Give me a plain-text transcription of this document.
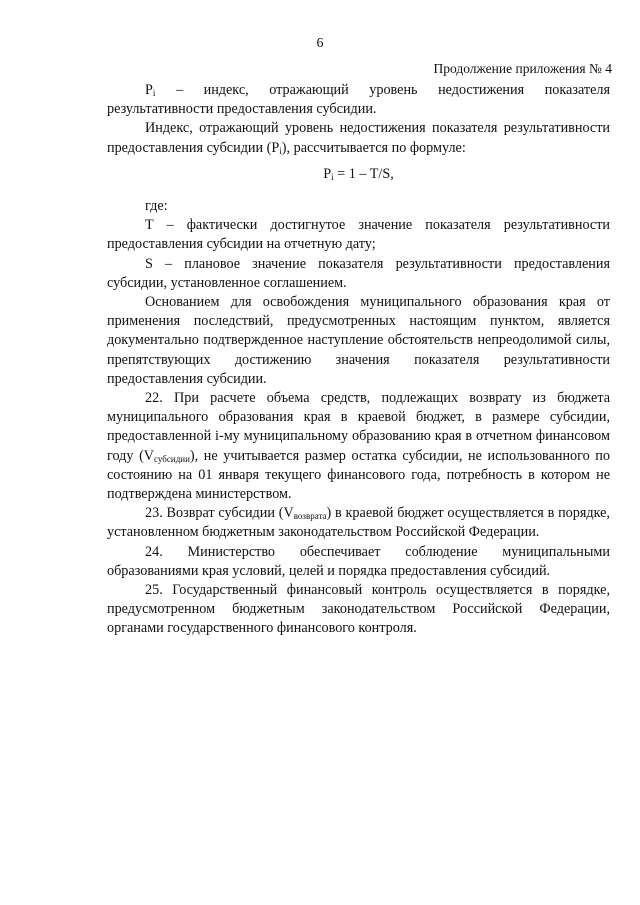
6
Продолжение приложения № 4

$P_i$ – индекс, отражающий уровень недостижения показателя результативности предоставления субсидии.

Индекс, отражающий уровень недостижения показателя результативности предоставления субсидии $(P_i)$, рассчитывается по формуле:

$P_i = 1 - T/S$,

где:

T – фактически достигнутое значение показателя результативности предоставления субсидии на отчетную дату;

S – плановое значение показателя результативности предоставления субсидии, установленное соглашением.

Основанием для освобождения муниципального образования края от применения последствий, предусмотренных настоящим пунктом, является документально подтвержденное наступление обстоятельств непреодолимой силы, препятствующих достижению значения показателя результативности предоставления субсидии.

22. При расчете объема средств, подлежащих возврату из бюджета муниципального образования края в краевой бюджет, в размере субсидии, предоставленной i-му муниципальному образованию края в отчетном финансовом году $(V_{субсидии})$, не учитывается размер остатка субсидии, не использованного по состоянию на 01 января текущего финансового года, потребность в котором не подтверждена министерством.

23. Возврат субсидии $(V_{возврата})$ в краевой бюджет осуществляется в порядке, установленном бюджетным законодательством Российской Федерации.

24. Министерство обеспечивает соблюдение муниципальными образованиями края условий, целей и порядка предоставления субсидий.

25. Государственный финансовый контроль осуществляется в порядке, предусмотренном бюджетным законодательством Российской Федерации, органами государственного финансового контроля.
